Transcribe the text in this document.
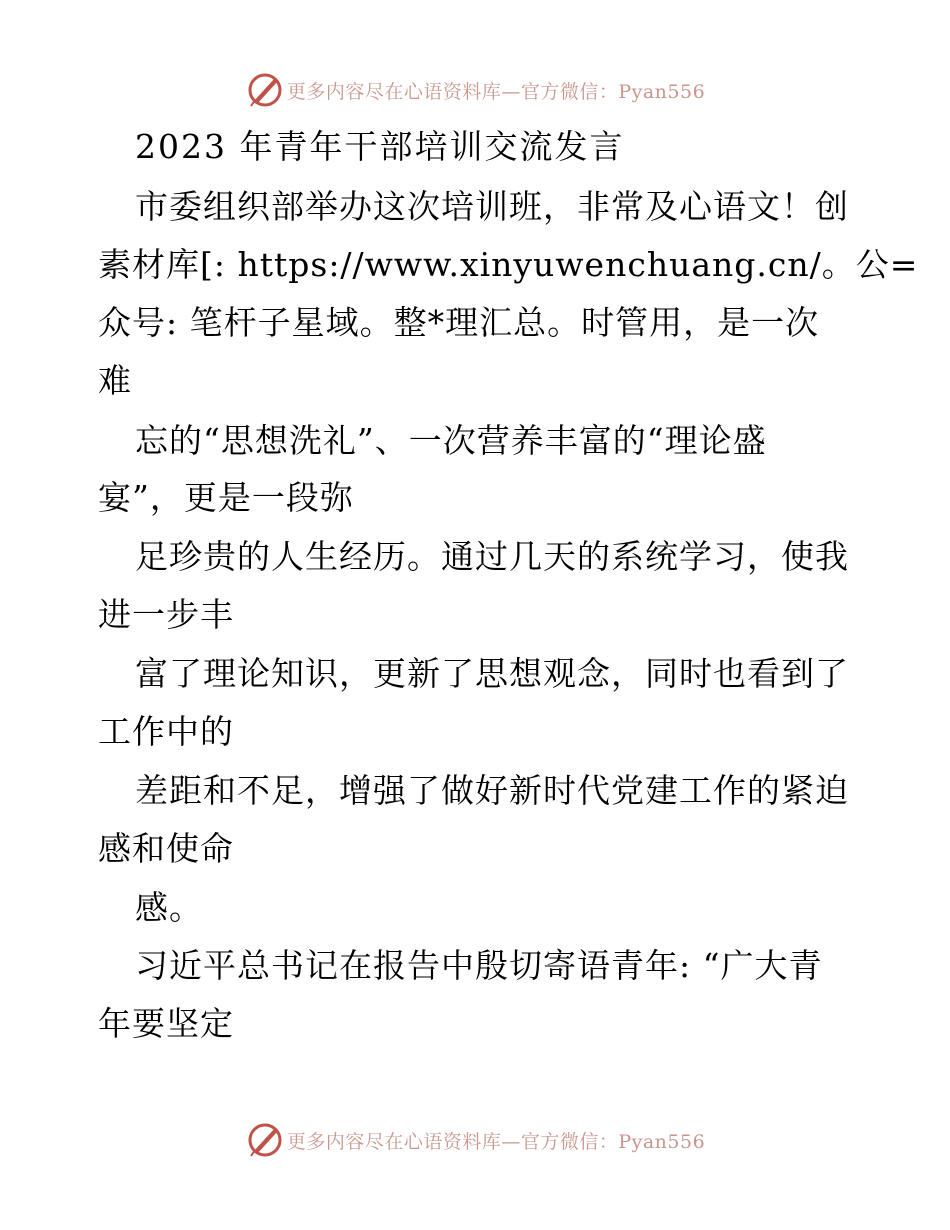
更多内容尽在心语资料库—官方微信：Pyan556
2023 年青年干部培训交流发言
市委组织部举办这次培训班，非常及心语文！创
素材库[: https://www.xinyuwenchuang.cn/。公=
众号: 笔杆子星域。整*理汇总。时管用，是一次
难
忘的“思想洗礼”、一次营养丰富的“理论盛
宴”，更是一段弥
足珍贵的人生经历。通过几天的系统学习，使我
进一步丰
富了理论知识，更新了思想观念，同时也看到了
工作中的
差距和不足，增强了做好新时代党建工作的紧迫
感和使命
感。
习近平总书记在报告中殷切寄语青年: “广大青
年要坚定
更多内容尽在心语资料库—官方微信：Pyan556
